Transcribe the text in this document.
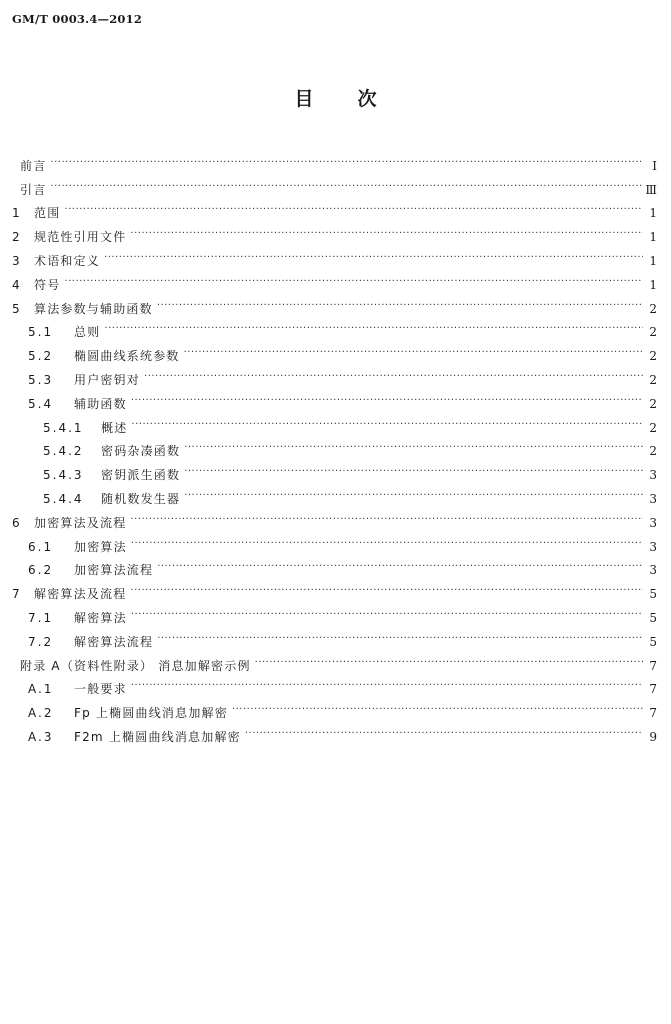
GM/T 0003.4—2012
目 次
前言 ·····	Ⅰ
引言 ·····	Ⅲ
1	范围 ·····	1
2	规范性引用文件 ·····	1
3	术语和定义 ·····	1
4	符号 ·····	1
5	算法参数与辅助函数 ·····	2
5.1	总则 ·····	2
5.2	椭圆曲线系统参数 ·····	2
5.3	用户密钥对 ·····	2
5.4	辅助函数 ·····	2
5.4.1	概述 ·····	2
5.4.2	密码杂凑函数 ·····	2
5.4.3	密钥派生函数 ·····	3
5.4.4	随机数发生器 ·····	3
6	加密算法及流程 ·····	3
6.1	加密算法 ·····	3
6.2	加密算法流程 ·····	3
7	解密算法及流程 ·····	5
7.1	解密算法 ·····	5
7.2	解密算法流程 ·····	5
附录 A（资料性附录） 消息加解密示例 ·····	7
A.1	一般要求 ·····	7
A.2	Fp 上椭圆曲线消息加解密 ·····	7
A.3	F2m 上椭圆曲线消息加解密 ·····	9
